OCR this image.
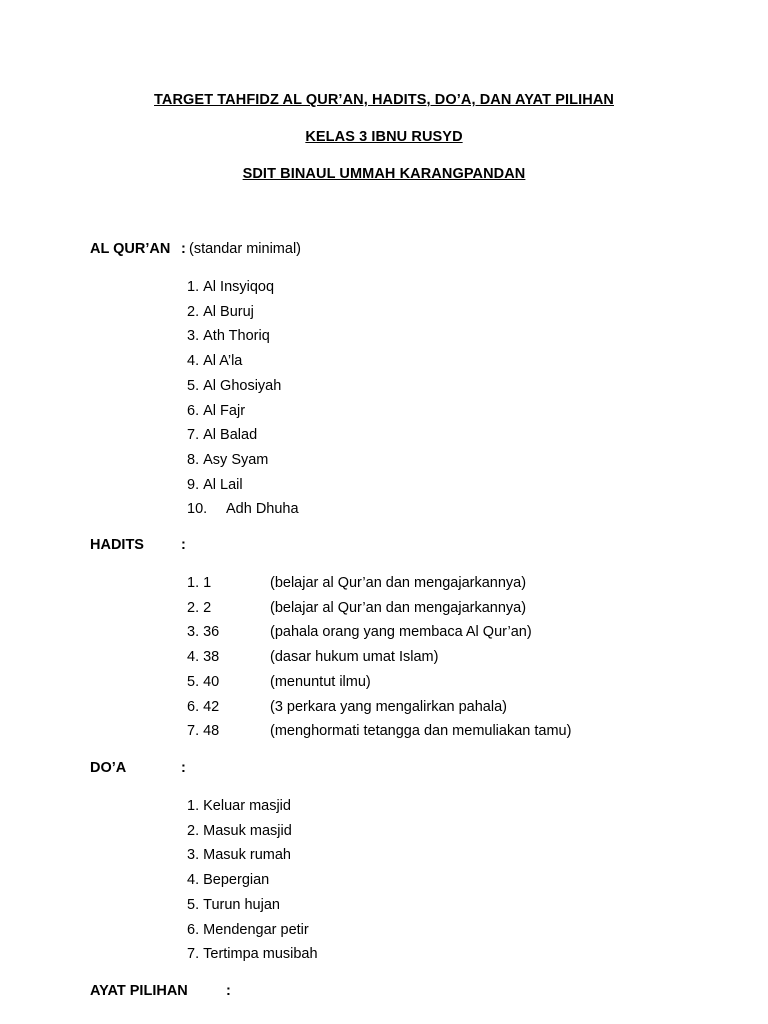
TARGET TAHFIDZ AL QUR’AN, HADITS, DO’A, DAN AYAT PILIHAN
KELAS 3 IBNU RUSYD
SDIT BINAUL UMMAH KARANGPANDAN
AL QUR’AN : (standar minimal)
1. Al Insyiqoq
2. Al Buruj
3. Ath Thoriq
4. Al A’la
5. Al Ghosiyah
6. Al Fajr
7. Al Balad
8. Asy Syam
9. Al Lail
10. Adh Dhuha
HADITS	:
1. 1	(belajar al Qur’an dan mengajarkannya)
2. 2	(belajar al Qur’an dan mengajarkannya)
3. 36	(pahala orang yang membaca Al Qur’an)
4. 38	(dasar hukum umat Islam)
5. 40	(menuntut ilmu)
6. 42	(3 perkara yang mengalirkan pahala)
7. 48	(menghormati tetangga dan memuliakan tamu)
DO’A	:
1. Keluar masjid
2. Masuk masjid
3. Masuk rumah
4. Bepergian
5. Turun hujan
6. Mendengar petir
7. Tertimpa musibah
AYAT PILIHAN	:
